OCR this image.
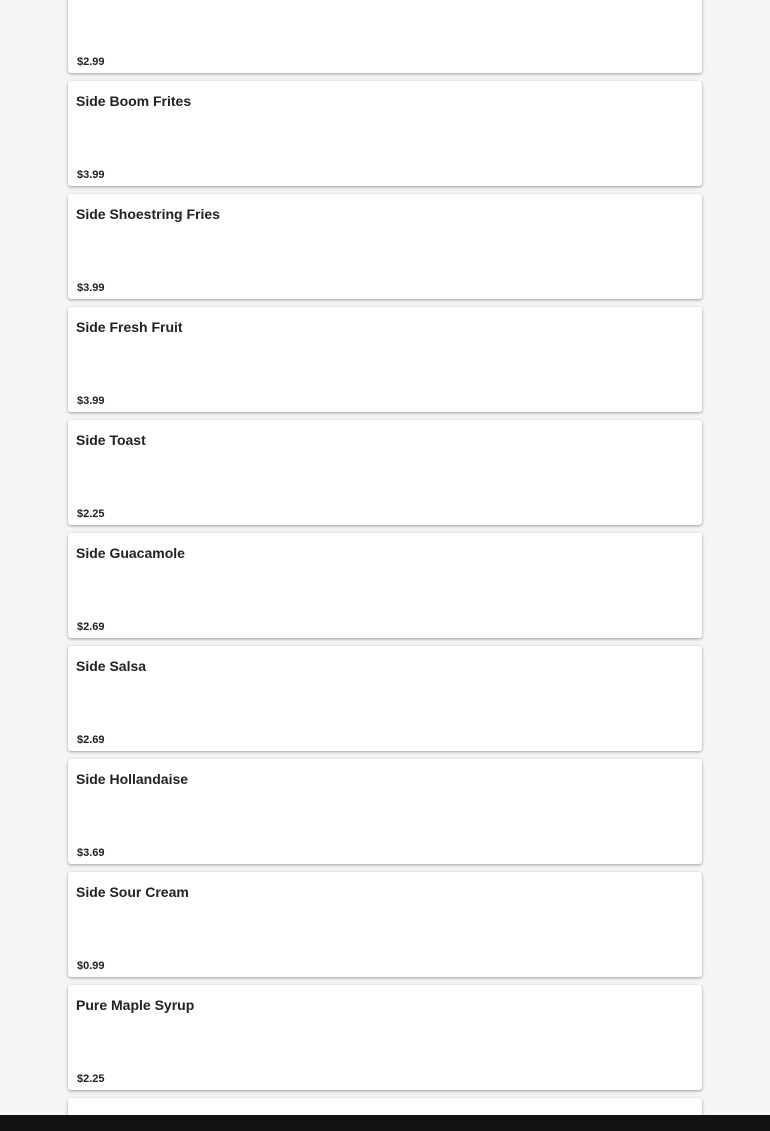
$2.99
Side Boom Frites
$3.99
Side Shoestring Fries
$3.99
Side Fresh Fruit
$3.99
Side Toast
$2.25
Side Guacamole
$2.69
Side Salsa
$2.69
Side Hollandaise
$3.69
Side Sour Cream
$0.99
Pure Maple Syrup
$2.25
